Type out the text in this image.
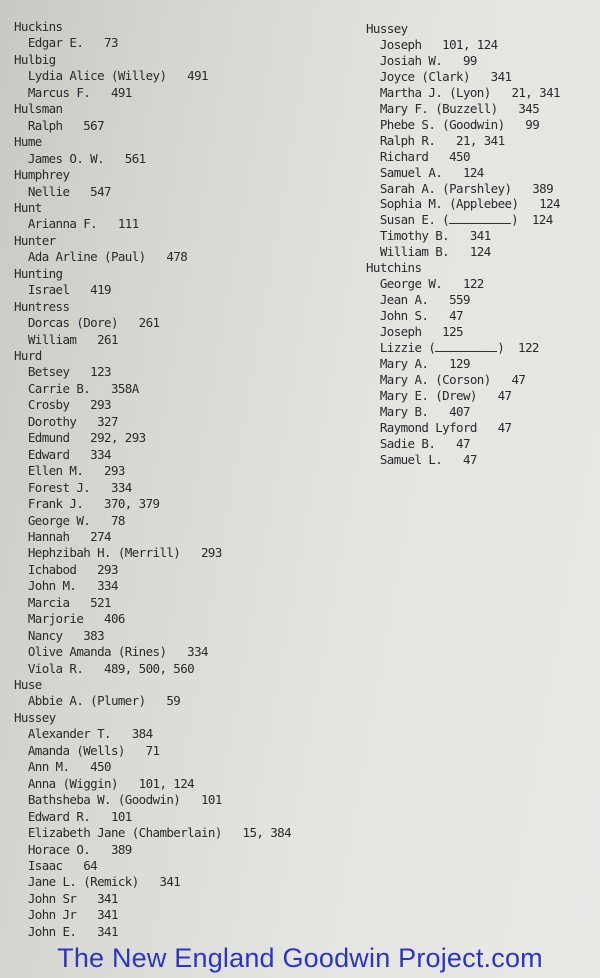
Huckins
Edgar E.   73
Hulbig
Lydia Alice (Willey)   491
Marcus F.   491
Hulsman
Ralph   567
Hume
James O. W.   561
Humphrey
Nellie   547
Hunt
Arianna F.   111
Hunter
Ada Arline (Paul)   478
Hunting
Israel   419
Huntress
Dorcas (Dore)   261
William   261
Hurd
Betsey   123
Carrie B.   358A
Crosby   293
Dorothy   327
Edmund   292, 293
Edward   334
Ellen M.   293
Forest J.   334
Frank J.   370, 379
George W.   78
Hannah   274
Hephzibah H. (Merrill)   293
Ichabod   293
John M.   334
Marcia   521
Marjorie   406
Nancy   383
Olive Amanda (Rines)   334
Viola R.   489, 500, 560
Huse
Abbie A. (Plumer)   59
Hussey
Alexander T.   384
Amanda (Wells)   71
Ann M.   450
Anna (Wiggin)   101, 124
Bathsheba W. (Goodwin)   101
Edward R.   101
Elizabeth Jane (Chamberlain)   15, 384
Horace O.   389
Isaac   64
Jane L. (Remick)   341
John Sr   341
John Jr   341
John E.   341
Hussey
Joseph   101, 124
Josiah W.   99
Joyce (Clark)   341
Martha J. (Lyon)   21, 341
Mary F. (Buzzell)   345
Phebe S. (Goodwin)   99
Ralph R.   21, 341
Richard   450
Samuel A.   124
Sarah A. (Parshley)   389
Sophia M. (Applebee)   124
Susan E. (	)  124
Timothy B.   341
William B.   124
Hutchins
George W.   122
Jean A.   559
John S.   47
Joseph   125
Lizzie (	)  122
Mary A.   129
Mary A. (Corson)   47
Mary E. (Drew)   47
Mary B.   407
Raymond Lyford   47
Sadie B.   47
Samuel L.   47
The New England Goodwin Project.com
